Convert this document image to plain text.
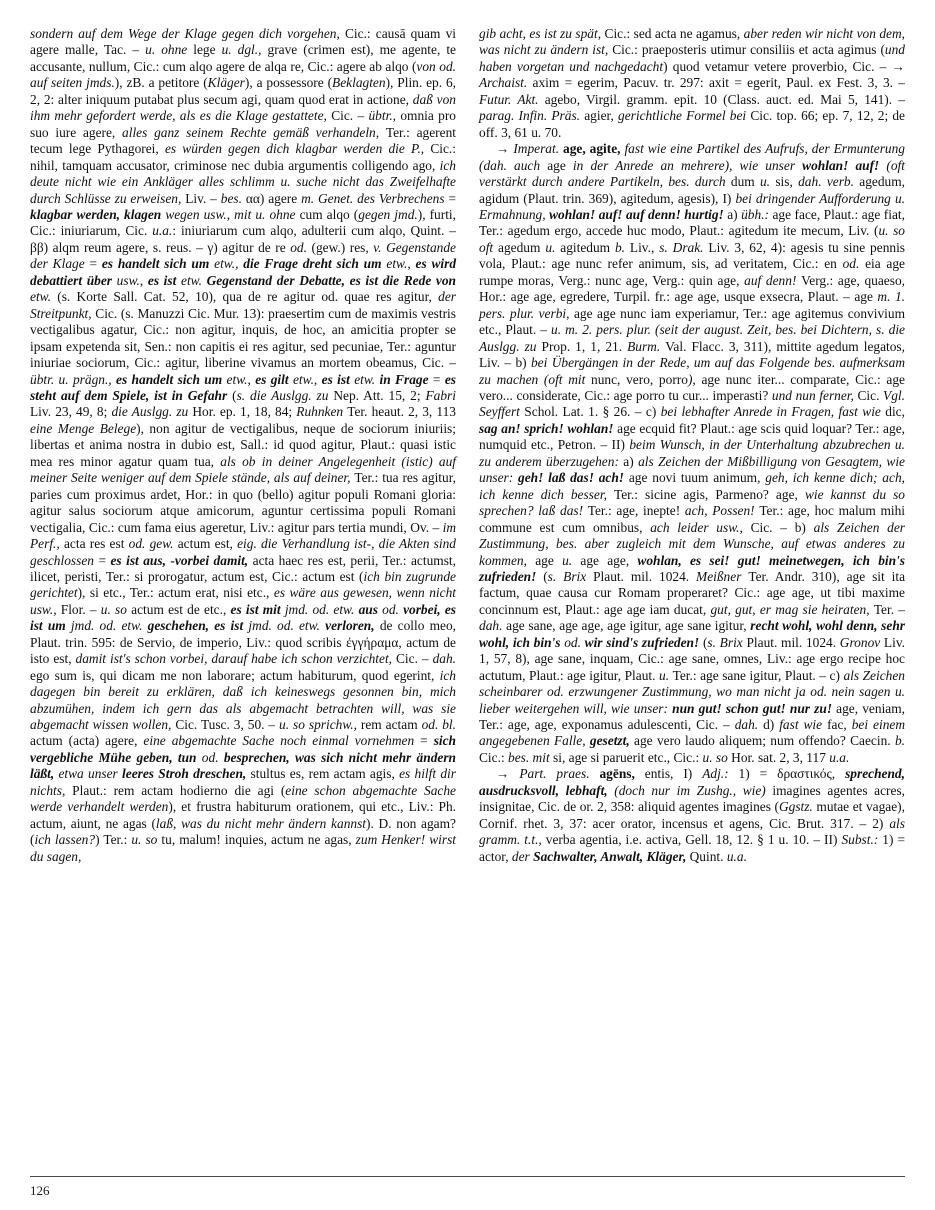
sondern auf dem Wege der Klage gegen dich vorgehen, Cic.: causā quam vi agere malle, Tac. – u. ohne lege u. dgl., grave (crimen est), me agente, te accusante, nullum, Cic.: cum alqo agere de alqa re, Cic.: agere ab alqo (von od. auf seiten jmds.), zB. a petitore (Kläger), a possessore (Beklagten), Plin. ep. 6, 2, 2: alter iniquum putabat plus secum agi, quam quod erat in actione, daß von ihm mehr gefordert werde, als es die Klage gestattete, Cic. – übtr., omnia pro suo iure agere, alles ganz seinem Rechte gemäß verhandeln, Ter.: agerent tecum lege Pythagorei, es würden gegen dich klagbar werden die P., Cic.: nihil, tamquam accusator, criminose nec dubia argumentis colligendo ago, ich deute nicht wie ein Ankläger alles schlimm u. suche nicht das Zweifelhafte durch Schlüsse zu erweisen, Liv. – bes. αα) agere m. Genet. des Verbrechens = klagbar werden, klagen wegen usw., mit u. ohne cum alqo (gegen jmd.), furti, Cic.: iniuriarum, Cic. u.a.: iniuriarum cum alqo, adulterii cum alqo, Quint. – ββ) alqm reum agere, s. reus. – γ) agitur de re od. (gew.) res, v. Gegenstande der Klage = es handelt sich um etw., die Frage dreht sich um etw., es wird debattiert über usw., es ist etw. Gegenstand der Debatte, es ist die Rede von etw. (s. Korte Sall. Cat. 52, 10), qua de re agitur od. quae res agitur, der Streitpunkt, Cic. (s. Manuzzi Cic. Mur. 13): praesertim cum de maximis vestris vectigalibus agatur, Cic.: non agitur, inquis, de hoc, an amicitia propter se ipsam expetenda sit, Sen.: non capitis ei res agitur, sed pecuniae, Ter.: aguntur iniuriae sociorum, Cic.: agitur, liberine vivamus an mortem obeamus, Cic. – übtr. u. prägn., es handelt sich um etw., es gilt etw., es ist etw. in Frage = es steht auf dem Spiele, ist in Gefahr (s. die Auslgg. zu Nep. Att. 15, 2; Fabri Liv. 23, 49, 8; die Auslgg. zu Hor. ep. 1, 18, 84; Ruhnken Ter. heaut. 2, 3, 113 eine Menge Belege), non agitur de vectigalibus, neque de sociorum iniuriis; libertas et anima nostra in dubio est, Sall.: id quod agitur, Plaut.: quasi istic mea res minor agatur quam tua, als ob in deiner Angelegenheit (istic) auf meiner Seite weniger auf dem Spiele stände, als auf deiner, Ter.: tua res agitur, paries cum proximus ardet, Hor.: in quo (bello) agitur populi Romani gloria: agitur salus sociorum atque amicorum, aguntur certissima populi Romani vectigalia, Cic.: cum fama eius ageretur, Liv.: agitur pars tertia mundi, Ov. – im Perf., acta res est od. gew. actum est, eig. die Verhandlung ist-, die Akten sind geschlossen = es ist aus, -vorbei damit, acta haec res est, perii, Ter.: actumst, ilicet, peristi, Ter.: si prorogatur, actum est, Cic.: actum est (ich bin zugrunde gerichtet), si etc., Ter.: actum erat, nisi etc., es wäre aus gewesen, wenn nicht usw., Flor. – u. so actum est de etc., es ist mit jmd. od. etw. aus od. vorbei, es ist um jmd. od. etw. geschehen, es ist jmd. od. etw. verloren, de collo meo, Plaut. trin. 595: de Servio, de imperio, Liv.: quod scribis ἐγγήραμα, actum de isto est, damit ist's schon vorbei, darauf habe ich schon verzichtet, Cic. – dah. ego sum is, qui dicam me non laborare; actum habiturum, quod egerint, ich dagegen bin bereit zu erklären, daß ich keineswegs gesonnen bin, mich abzumühen, indem ich gern das als abgemacht betrachten will, was sie abgemacht wissen wollen, Cic. Tusc. 3, 50. – u. so sprichw., rem actam od. bl. actum (acta) agere, eine abgemachte Sache noch einmal vornehmen = sich vergebliche Mühe geben, tun od. besprechen, was sich nicht mehr ändern läßt, etwa unser leeres Stroh dreschen, stultus es, rem actam agis, es hilft dir nichts, Plaut.: rem actam hodierno die agi (eine schon abgemachte Sache werde verhandelt werden), et frustra habiturum orationem, qui etc., Liv.: Ph. actum, aiunt, ne agas (laß, was du nicht mehr ändern kannst). D. non agam? (ich lassen?) Ter.: u. so tu, malum! inquies, actum ne agas, zum Henker! wirst du sagen,

gib acht, es ist zu spät, Cic.: sed acta ne agamus, aber reden wir nicht von dem, was nicht zu ändern ist, Cic.: praeposteris utimur consiliis et acta agimus (und haben vorgetan und nachgedacht) quod vetamur vetere proverbio, Cic. – → Archaist. axim = egerim, Pacuv. tr. 297: axit = egerit, Paul. ex Fest. 3, 3. – Futur. Akt. agebo, Virgil. gramm. epit. 10 (Class. auct. ed. Mai 5, 141). – parag. Infin. Präs. agier, gerichtliche Formel bei Cic. top. 66; ep. 7, 12, 2; de off. 3, 61 u. 70.

→ Imperat. age, agite, fast wie eine Partikel des Aufrufs, der Ermunterung (dah. auch age in der Anrede an mehrere), wie unser wohlan! auf! (oft verstärkt durch andere Partikeln, bes. durch dum u. sis, dah. verb. agedum, agidum (Plaut. trin. 369), agitedum, agesis), I) bei dringender Aufforderung u. Ermahnung, wohlan! auf! auf denn! hurtig! a) übh.: age face, Plaut.: age fiat, Ter.: agedum ergo, accede huc modo, Plaut.: agitedum ite mecum, Liv. (u. so oft agedum u. agitedum b. Liv., s. Drak. Liv. 3, 62, 4): agesis tu sine pennis vola, Plaut.: age nunc refer animum, sis, ad veritatem, Cic.: en od. eia age rumpe moras, Verg.: nunc age, Verg.: quin age, auf denn! Verg.: age, quaeso, Hor.: age age, egredere, Turpil. fr.: age age, usque exsecra, Plaut. – age m. 1. pers. plur. verbi, age age nunc iam experiamur, Ter.: age agitemus convivium etc., Plaut. – u. m. 2. pers. plur. (seit der august. Zeit, bes. bei Dichtern, s. die Auslgg. zu Prop. 1, 1, 21. Burm. Val. Flacc. 3, 311), mittite agedum legatos, Liv. – b) bei Übergängen in der Rede, um auf das Folgende bes. aufmerksam zu machen (oft mit nunc, vero, porro), age nunc iter... comparate, Cic.: age vero... considerate, Cic.: age porro tu cur... imperasti? und nun ferner, Cic. Vgl. Seyffert Schol. Lat. 1. § 26. – c) bei lebhafter Anrede in Fragen, fast wie dic, sag an! sprich! wohlan! age ecquid fit? Plaut.: age scis quid loquar? Ter.: age, numquid etc., Petron. – II) beim Wunsch, in der Unterhaltung abzubrechen u. zu anderem überzugehen: a) als Zeichen der Mißbilligung von Gesagtem, wie unser: geh! laß das! ach! age novi tuum animum, geh, ich kenne dich; ach, ich kenne dich besser, Ter.: sicine agis, Parmeno? age, wie kannst du so sprechen? laß das! Ter.: age, inepte! ach, Possen! Ter.: age, hoc malum mihi commune est cum omnibus, ach leider usw., Cic. – b) als Zeichen der Zustimmung, bes. aber zugleich mit dem Wunsche, auf etwas anderes zu kommen, age u. age age, wohlan, es sei! gut! meinetwegen, ich bin's zufrieden! (s. Brix Plaut. mil. 1024. Meißner Ter. Andr. 310), age sit ita factum, quae causa cur Romam properaret? Cic.: age age, ut tibi maxime concinnum est, Plaut.: age age iam ducat, gut, gut, er mag sie heiraten, Ter. – dah. age sane, age age, age igitur, age sane igitur, recht wohl, wohl denn, sehr wohl, ich bin's od. wir sind's zufrieden! (s. Brix Plaut. mil. 1024. Gronov Liv. 1, 57, 8), age sane, inquam, Cic.: age sane, omnes, Liv.: age ergo recipe hoc actutum, Plaut.: age igitur, Plaut. u. Ter.: age sane igitur, Plaut. – c) als Zeichen scheinbarer od. erzwungener Zustimmung, wo man nicht ja od. nein sagen u. lieber weitergehen will, wie unser: nun gut! schon gut! nur zu! age, veniam, Ter.: age, age, exponamus adulescenti, Cic. – dah. d) fast wie fac, bei einem angegebenen Falle, gesetzt, age vero laudo aliquem; num offendo? Caecin. b. Cic.: bes. mit si, age si paruerit etc., Cic.: u. so Hor. sat. 2, 3, 117 u.a.

→ Part. praes. agēns, entis, I) Adj.: 1) = δραστικός, sprechend, ausdrucksvoll, lebhaft, (doch nur im Zushg., wie) imagines agentes acres, insignitae, Cic. de or. 2, 358: aliquid agentes imagines (Ggstz. mutae et vagae), Cornif. rhet. 3, 37: acer orator, incensus et agens, Cic. Brut. 317. – 2) als gramm. t.t., verba agentia, i.e. activa, Gell. 18, 12. § 1 u. 10. – II) Subst.: 1) = actor, der Sachwalter, Anwalt, Kläger, Quint. u.a.

126
